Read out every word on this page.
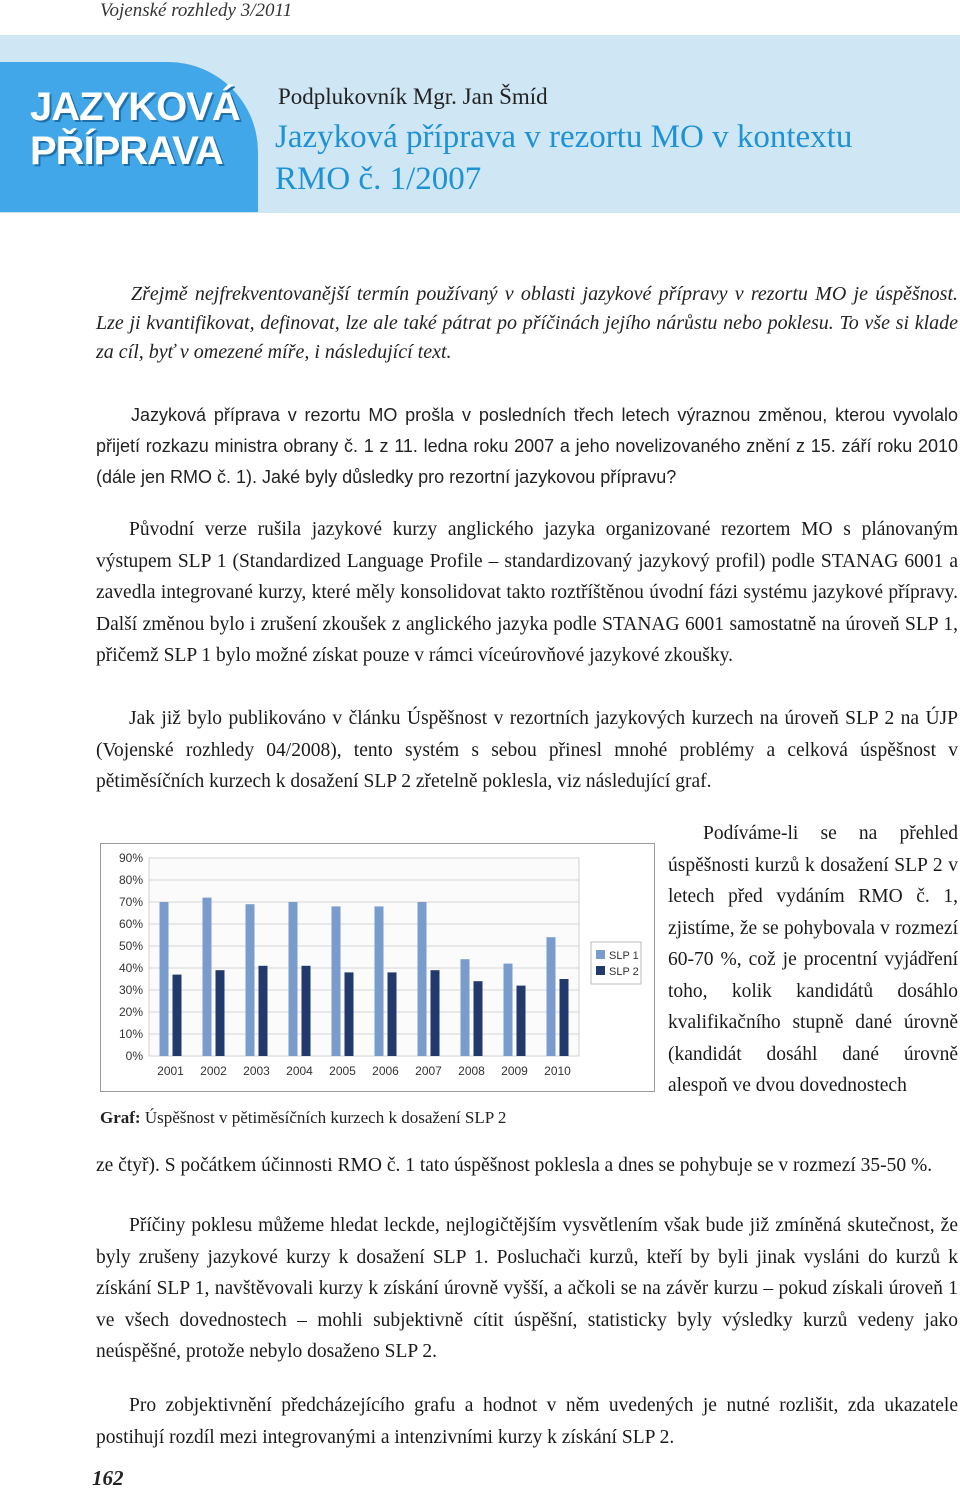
Vojenské rozhledy 3/2011
JAZYKOVÁ
PŘÍPRAVA
Podplukovník Mgr. Jan Šmíd
Jazyková příprava v rezortu MO v kontextu
RMO č. 1/2007

Zřejmě nejfrekventovanější termín používaný v oblasti jazykové přípravy v rezortu MO je úspěšnost. Lze ji kvantifikovat, definovat, lze ale také pátrat po příčinách jejího nárůstu nebo poklesu. To vše si klade za cíl, byť v omezené míře, i následující text.

Jazyková příprava v rezortu MO prošla v posledních třech letech výraznou změnou, kterou vyvolalo přijetí rozkazu ministra obrany č. 1 z 11. ledna roku 2007 a jeho novelizovaného znění z 15. září roku 2010 (dále jen RMO č. 1). Jaké byly důsledky pro rezortní jazykovou přípravu?

Původní verze rušila jazykové kurzy anglického jazyka organizované rezortem MO s plánovaným výstupem SLP 1 (Standardized Language Profile – standardizovaný jazykový profil) podle STANAG 6001 a zavedla integrované kurzy, které měly konsolidovat takto roztříštěnou úvodní fázi systému jazykové přípravy. Další změnou bylo i zrušení zkoušek z anglického jazyka podle STANAG 6001 samostatně na úroveň SLP 1, přičemž SLP 1 bylo možné získat pouze v rámci víceúrovňové jazykové zkoušky.

Jak již bylo publikováno v článku Úspěšnost v rezortních jazykových kurzech na úroveň SLP 2 na ÚJP (Vojenské rozhledy 04/2008), tento systém s sebou přinesl mnohé problémy a celková úspěšnost v pětiměsíčních kurzech k dosažení SLP 2 zřetelně poklesla, viz následující graf.

0%
10%
20%
30%
40%
50%
60%
70%
80%
90%
2001 2002 2003 2004 2005 2006 2007 2008 2009 2010
SLP 1
SLP 2

Podíváme-li se na přehled úspěšnosti kurzů k dosažení SLP 2 v letech před vydáním RMO č. 1, zjistíme, že se pohybovala v rozmezí 60-70 %, což je procentní vyjádření toho, kolik kandidátů dosáhlo kvalifikačního stupně dané úrovně (kandidát dosáhl dané úrovně alespoň ve dvou dovednostech

ze čtyř). S počátkem účinnosti RMO č. 1 tato úspěšnost poklesla a dnes se pohybuje se v rozmezí 35-50 %.

Graf: Úspěšnost v pětiměsíčních kurzech k dosažení SLP 2

Příčiny poklesu můžeme hledat leckde, nejlogičtějším vysvětlením však bude již zmíněná skutečnost, že byly zrušeny jazykové kurzy k dosažení SLP 1. Posluchači kurzů, kteří by byli jinak vysláni do kurzů k získání SLP 1, navštěvovali kurzy k získání úrovně vyšší, a ačkoli se na závěr kurzu – pokud získali úroveň 1 ve všech dovednostech – mohli subjektivně cítit úspěšní, statisticky byly výsledky kurzů vedeny jako neúspěšné, protože nebylo dosaženo SLP 2.

Pro zobjektivnění předcházejícího grafu a hodnot v něm uvedených je nutné rozlišit, zda ukazatele postihují rozdíl mezi integrovanými a intenzivními kurzy k získání SLP 2.

162
